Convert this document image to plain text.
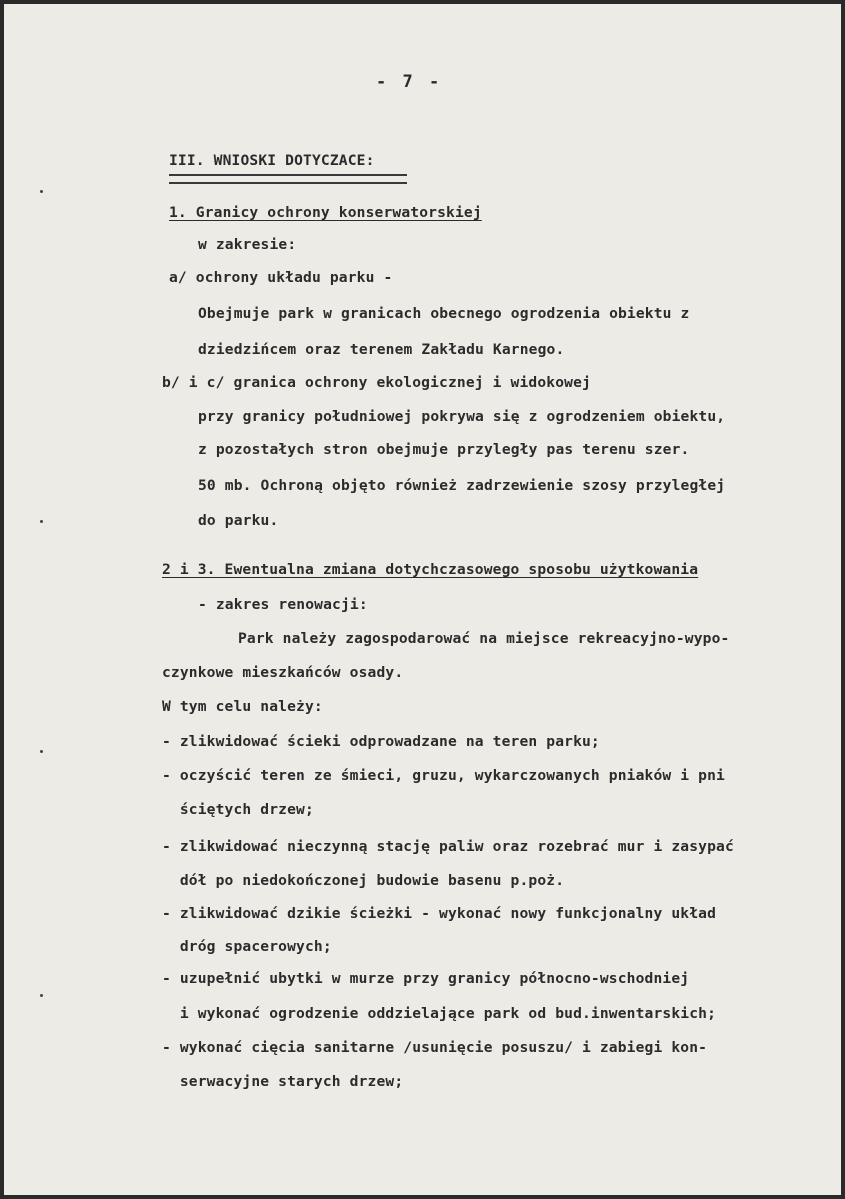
- 7 -
III. WNIOSKI DOTYCZACE:
1. Granicy ochrony konserwatorskiej
w zakresie:
a/ ochrony układu parku -
Obejmuje park w granicach obecnego ogrodzenia obiektu z
dziedzińcem oraz terenem Zakładu Karnego.
b/ i c/ granica ochrony ekologicznej i widokowej
przy granicy południowej pokrywa się z ogrodzeniem obiektu,
z pozostałych stron obejmuje przyległy pas terenu szer.
50 mb. Ochroną objęto również zadrzewienie szosy przyległej
do parku.
2 i 3. Ewentualna zmiana dotychczasowego sposobu użytkowania
- zakres renowacji:
Park należy zagospodarować na miejsce rekreacyjno-wypo-
czynkowe mieszkańców osady.
W tym celu należy:
- zlikwidować ścieki odprowadzane na teren parku;
- oczyścić teren ze śmieci, gruzu, wykarczowanych pniaków i pni
ściętych drzew;
- zlikwidować nieczynną stację paliw oraz rozebrać mur i zasypać
dół po niedokończonej budowie basenu p.poż.
- zlikwidować dzikie ścieżki - wykonać nowy funkcjonalny układ
dróg spacerowych;
- uzupełnić ubytki w murze przy granicy północno-wschodniej
i wykonać ogrodzenie oddzielające park od bud.inwentarskich;
- wykonać cięcia sanitarne /usunięcie posuszu/ i zabiegi kon-
serwacyjne starych drzew;
